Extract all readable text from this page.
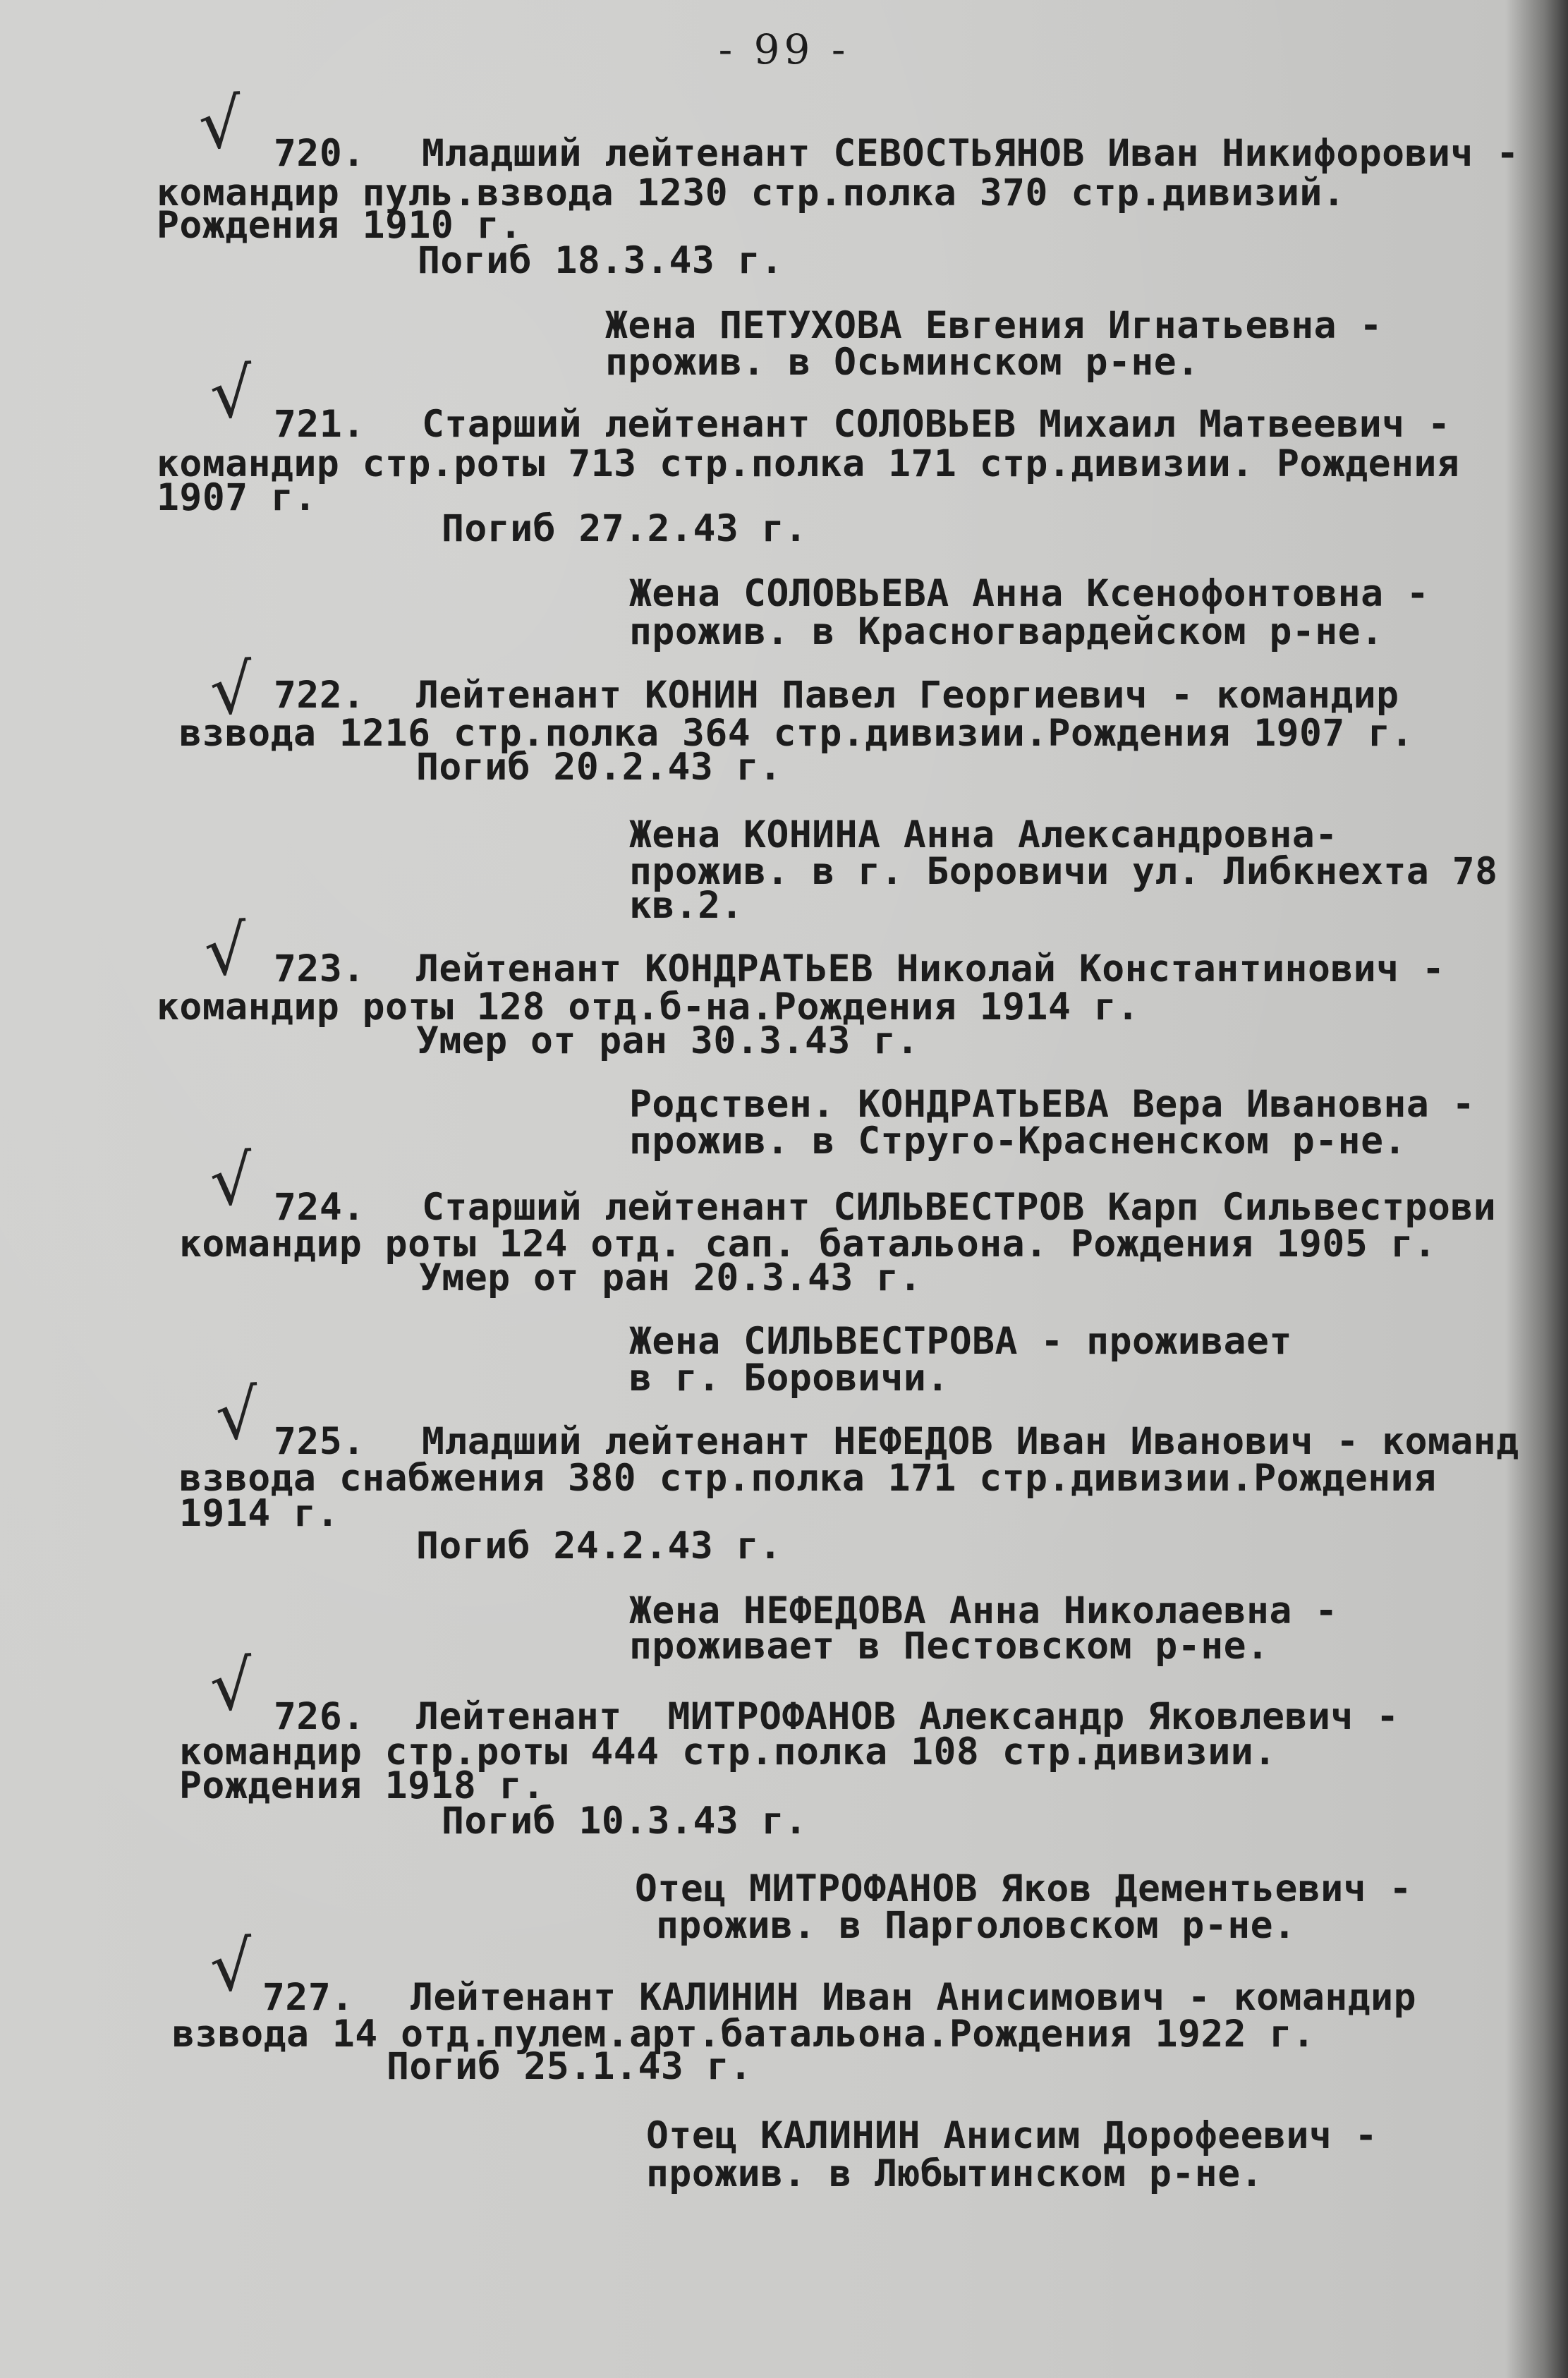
- 99 -
√ 720. Младший лейтенант СЕВОСТЬЯНОВ Иван Никифорович -
командир пуль.взвода 1230 стр.полка 370 стр.дивизий.
Рождения 1910 г.
Погиб 18.3.43 г.
Жена ПЕТУХОВА Евгения Игнатьевна -
прожив. в Осьминском р-не.
√ 721. Старший лейтенант СОЛОВЬЕВ Михаил Матвеевич -
командир стр.роты 713 стр.полка 171 стр.дивизии. Рождения
1907 г.
Погиб 27.2.43 г.
Жена СОЛОВЬЕВА Анна Ксенофонтовна -
прожив. в Красногвардейском р-не.
√ 722. Лейтенант КОНИН Павел Георгиевич - командир
взвода 1216 стр.полка 364 стр.дивизии.Рождения 1907 г.
Погиб 20.2.43 г.
Жена КОНИНА Анна Александровна-
прожив. в г. Боровичи ул. Либкнехта 78
кв.2.
√ 723. Лейтенант КОНДРАТЬЕВ Николай Константинович -
командир роты 128 отд.б-на.Рождения 1914 г.
Умер от ран 30.3.43 г.
Родствен. КОНДРАТЬЕВА Вера Ивановна -
прожив. в Струго-Красненском р-не.
√ 724. Старший лейтенант СИЛЬВЕСТРОВ Карп Сильвестрови
командир роты 124 отд. сап. батальона. Рождения 1905 г.
Умер от ран 20.3.43 г.
Жена СИЛЬВЕСТРОВА - проживает
в г. Боровичи.
√ 725. Младший лейтенант НЕФЕДОВ Иван Иванович - команд
взвода снабжения 380 стр.полка 171 стр.дивизии.Рождения
1914 г.
Погиб 24.2.43 г.
Жена НЕФЕДОВА Анна Николаевна -
проживает в Пестовском р-не.
√ 726. Лейтенант  МИТРОФАНОВ Александр Яковлевич -
командир стр.роты 444 стр.полка 108 стр.дивизии.
Рождения 1918 г.
Погиб 10.3.43 г.
Отец МИТРОФАНОВ Яков Дементьевич -
прожив. в Парголовском р-не.
√ 727. Лейтенант КАЛИНИН Иван Анисимович - командир
взвода 14 отд.пулем.арт.батальона.Рождения 1922 г.
Погиб 25.1.43 г.
Отец КАЛИНИН Анисим Дорофеевич -
прожив. в Любытинском р-не.
